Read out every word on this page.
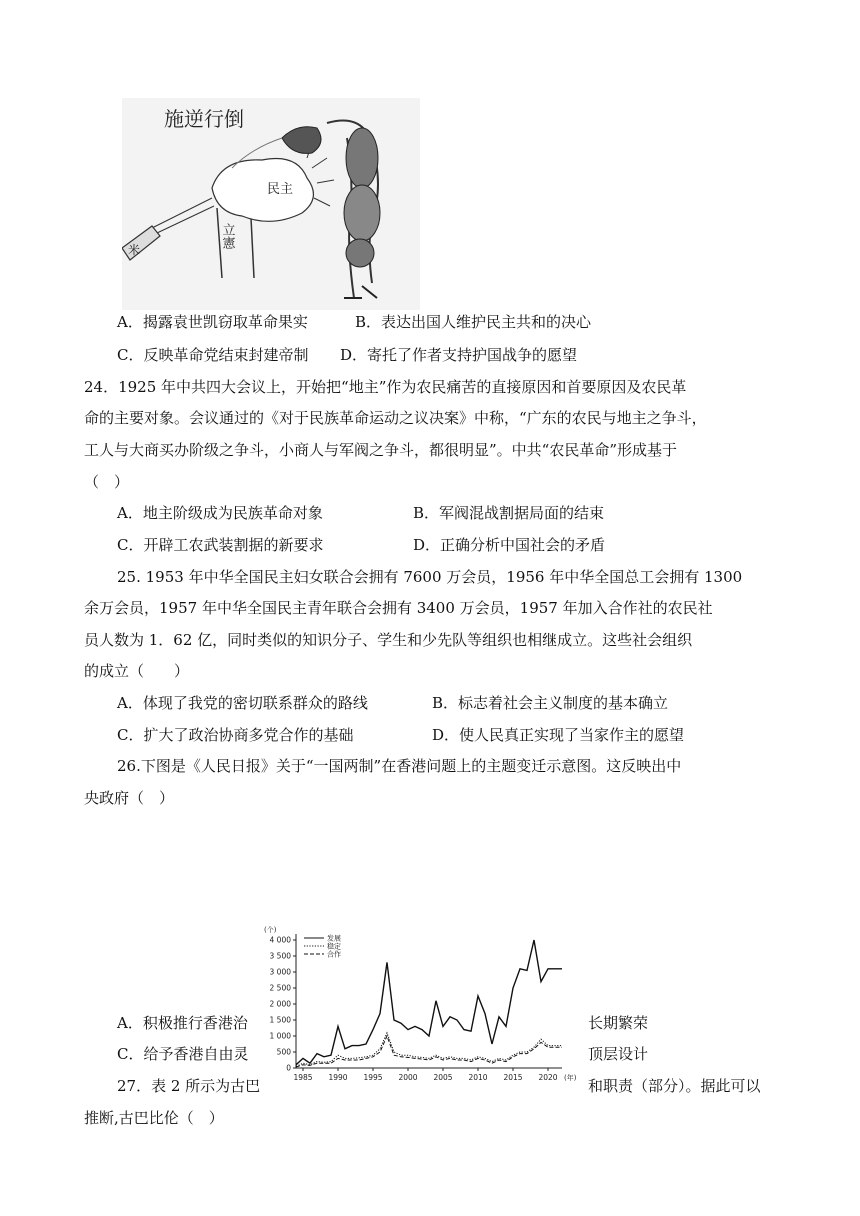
施逆行倒
立憲
民主
米
A．揭露袁世凯窃取革命果实	B．表达出国人维护民主共和的决心
C．反映革命党结束封建帝制 D．寄托了作者支持护国战争的愿望
24．1925 年中共四大会议上，开始把“地主”作为农民痛苦的直接原因和首要原因及农民革
命的主要对象。会议通过的《对于民族革命运动之议决案》中称，“广东的农民与地主之争斗，
工人与大商买办阶级之争斗，小商人与军阀之争斗，都很明显”。中共“农民革命”形成基于
（　）
A．地主阶级成为民族革命对象	B．军阀混战割据局面的结束
C．开辟工农武装割据的新要求	D．正确分析中国社会的矛盾
25. 1953 年中华全国民主妇女联合会拥有 7600 万会员，1956 年中华全国总工会拥有 1300
余万会员，1957 年中华全国民主青年联合会拥有 3400 万会员，1957 年加入合作社的农民社
员人数为 1．62 亿，同时类似的知识分子、学生和少先队等组织也相继成立。这些社会组织
的成立（　　）
A．体现了我党的密切联系群众的路线	B．标志着社会主义制度的基本确立
C．扩大了政治协商多党合作的基础	D．使人民真正实现了当家作主的愿望
26.下图是《人民日报》关于“一国两制”在香港问题上的主题变迁示意图。这反映出中
央政府（　）
A．积极推行香港治	长期繁荣
C．给予香港自由灵	顶层设计
27．表 2 所示为古巴	和职责（部分）。据此可以
推断,古巴比伦（　）
(个)
0
500
1 000
1 500
2 000
2 500
3 000
3 500
4 000
1985 1990 1995 2000 2005 2010 2015 2020 (年)
发展
稳定
合作
